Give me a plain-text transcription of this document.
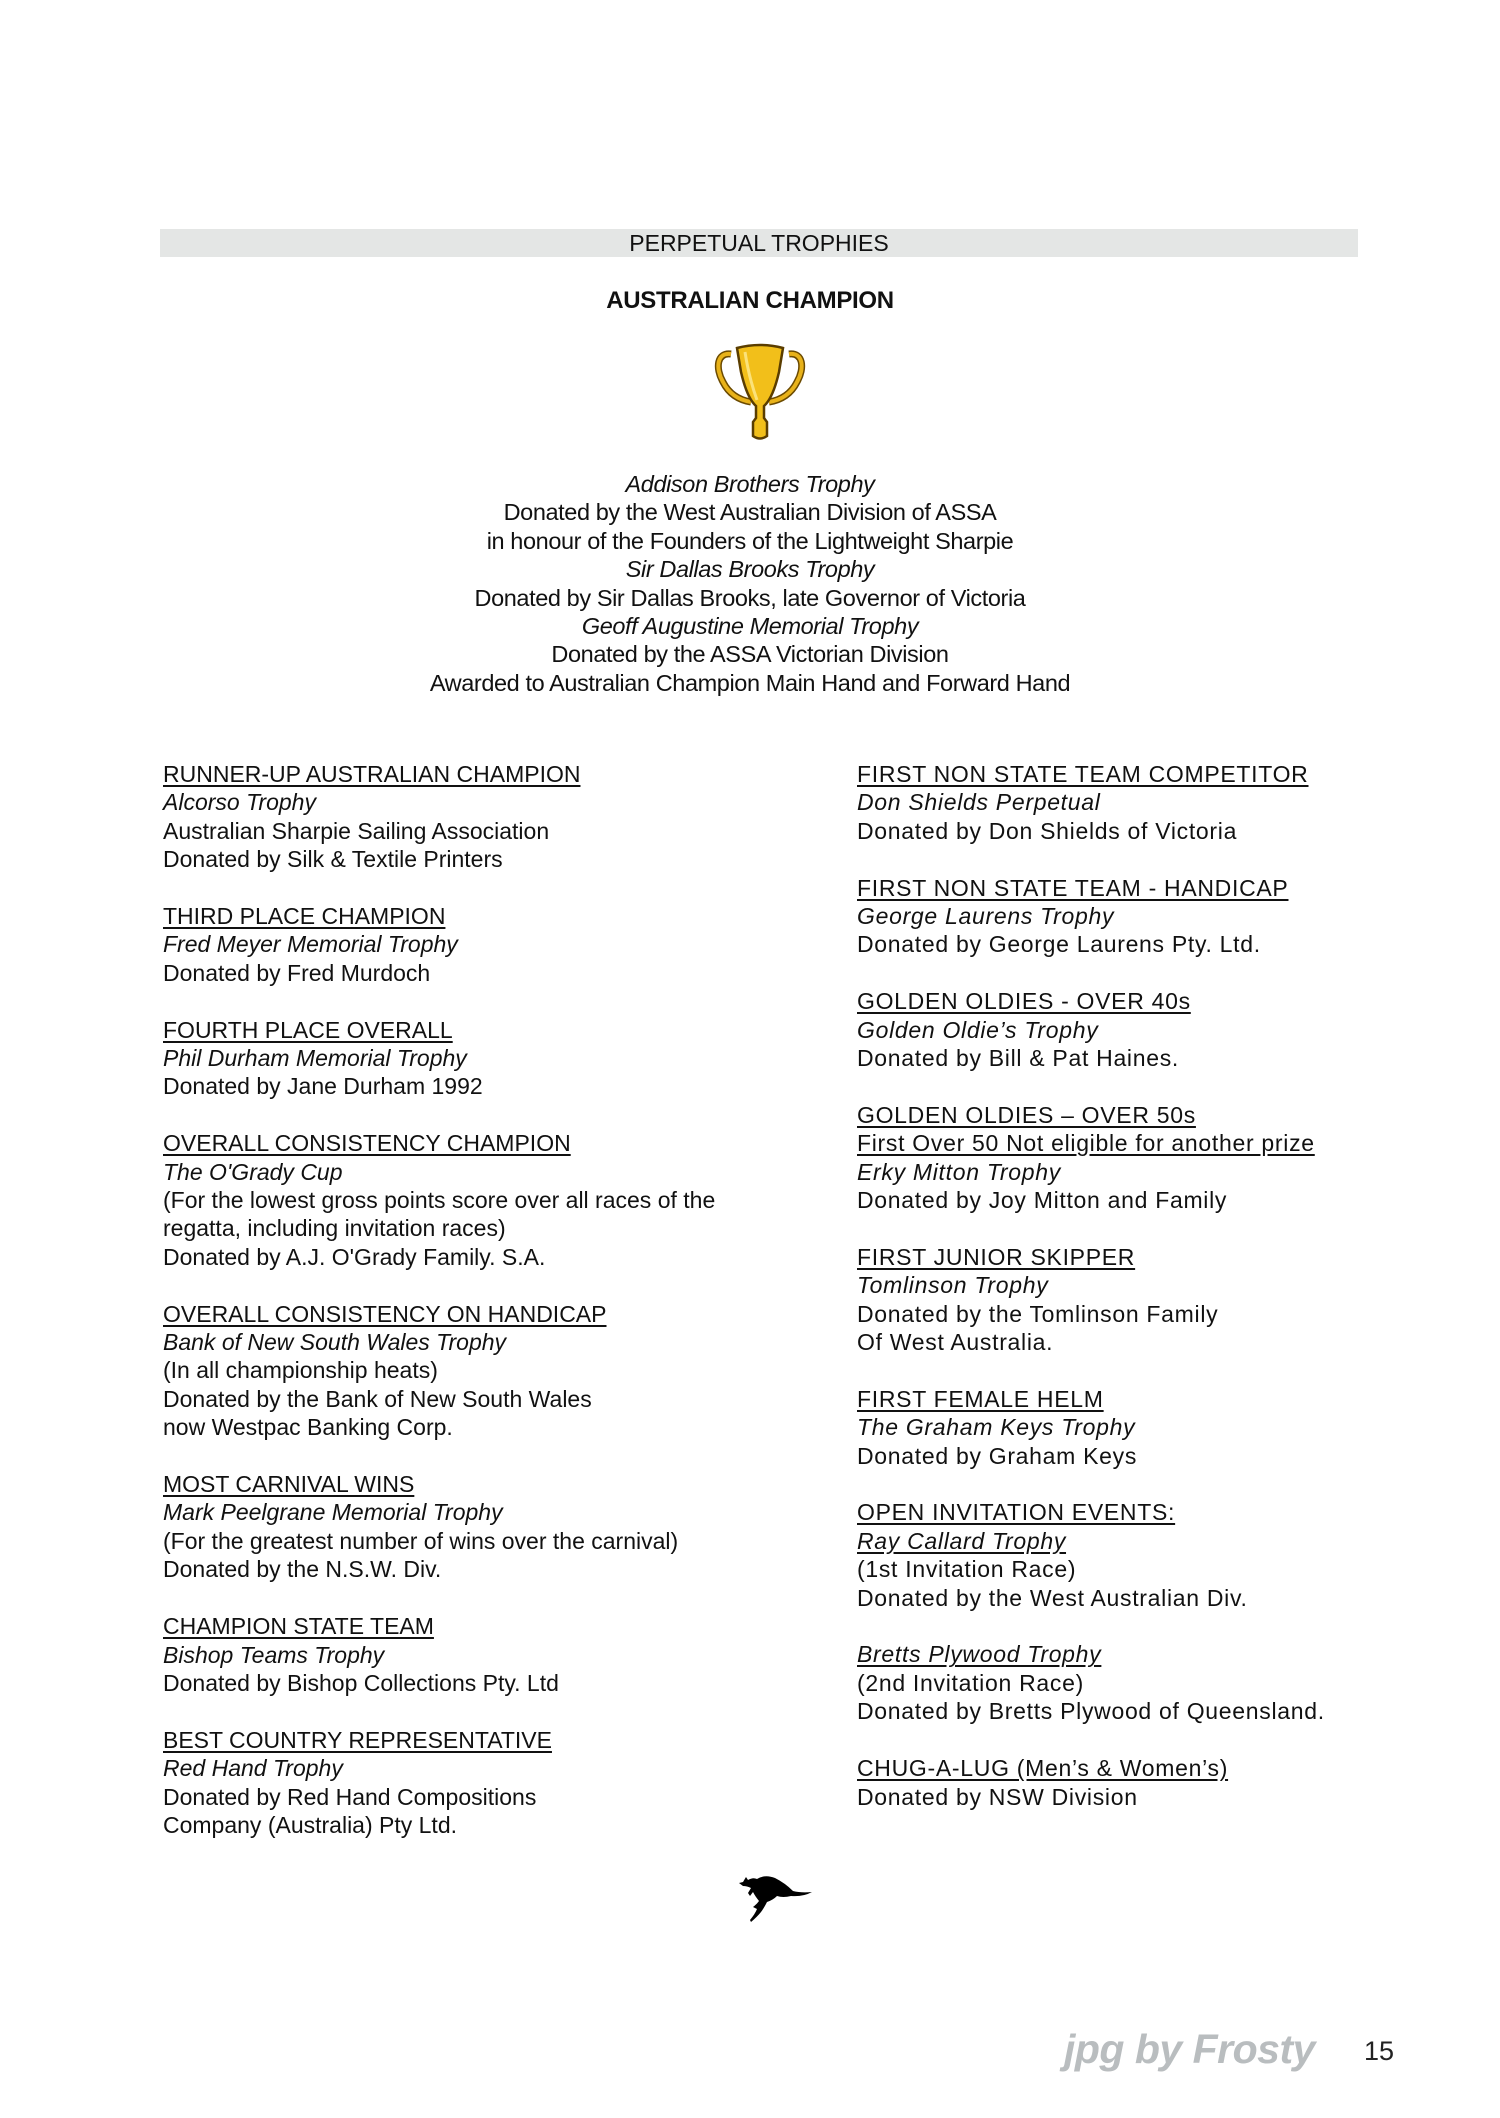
PERPETUAL TROPHIES
AUSTRALIAN CHAMPION
Addison Brothers Trophy
Donated by the West Australian Division of ASSA
in honour of the Founders of the Lightweight Sharpie
Sir Dallas Brooks Trophy
Donated by Sir Dallas Brooks, late Governor of Victoria
Geoff Augustine Memorial Trophy
Donated by the ASSA Victorian Division
Awarded to Australian Champion Main Hand and Forward Hand
RUNNER-UP AUSTRALIAN CHAMPION
Alcorso Trophy
Australian Sharpie Sailing Association
Donated by Silk & Textile Printers
THIRD PLACE CHAMPION
Fred Meyer Memorial Trophy
Donated by Fred Murdoch
FOURTH PLACE OVERALL
Phil Durham Memorial Trophy
Donated by Jane Durham 1992
OVERALL CONSISTENCY CHAMPION
The O'Grady Cup
(For the lowest gross points score over all races of the
regatta, including invitation races)
Donated by A.J. O'Grady Family. S.A.
OVERALL CONSISTENCY ON HANDICAP
Bank of New South Wales Trophy
(In all championship heats)
Donated by the Bank of New South Wales
now Westpac Banking Corp.
MOST CARNIVAL WINS
Mark Peelgrane Memorial Trophy
(For the greatest number of wins over the carnival)
Donated by the N.S.W. Div.
CHAMPION STATE TEAM
Bishop Teams Trophy
Donated by Bishop Collections Pty. Ltd
BEST COUNTRY REPRESENTATIVE
Red Hand Trophy
Donated by Red Hand Compositions
Company (Australia) Pty Ltd.
FIRST NON STATE TEAM COMPETITOR
Don Shields Perpetual
Donated by Don Shields of Victoria
FIRST NON STATE TEAM - HANDICAP
George Laurens Trophy
Donated by George Laurens Pty. Ltd.
GOLDEN OLDIES - OVER 40s
Golden Oldie’s Trophy
Donated by Bill & Pat Haines.
GOLDEN OLDIES – OVER 50s
First Over 50 Not eligible for another prize
Erky Mitton Trophy
Donated by Joy Mitton and Family
FIRST JUNIOR SKIPPER
Tomlinson Trophy
Donated by the Tomlinson Family
Of West Australia.
FIRST FEMALE HELM
The Graham Keys Trophy
Donated by Graham Keys
OPEN INVITATION EVENTS:
Ray Callard Trophy
(1st Invitation Race)
Donated by the West Australian Div.
Bretts Plywood Trophy
(2nd Invitation Race)
Donated by Bretts Plywood of Queensland.
CHUG-A-LUG (Men’s & Women’s)
Donated by NSW Division
jpg by Frosty 15
